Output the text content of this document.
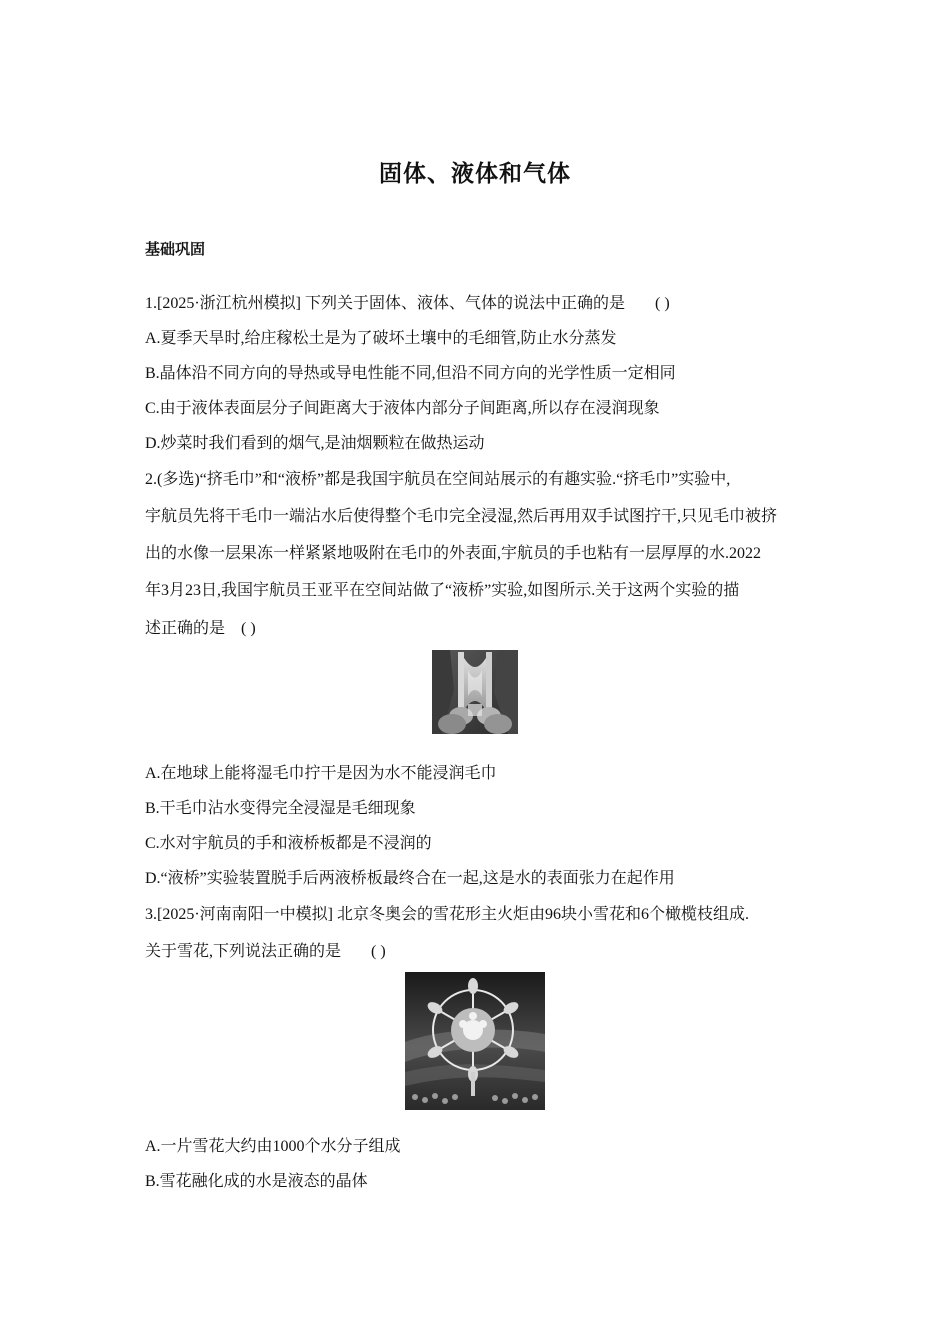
固体、液体和气体
基础巩固
1.[2025·浙江杭州模拟] 下列关于固体、液体、气体的说法中正确的是 ( )
A.夏季天旱时,给庄稼松土是为了破坏土壤中的毛细管,防止水分蒸发
B.晶体沿不同方向的导热或导电性能不同,但沿不同方向的光学性质一定相同
C.由于液体表面层分子间距离大于液体内部分子间距离,所以存在浸润现象
D.炒菜时我们看到的烟气,是油烟颗粒在做热运动
2.(多选)“挤毛巾”和“液桥”都是我国宇航员在空间站展示的有趣实验.“挤毛巾”实验中,
宇航员先将干毛巾一端沾水后使得整个毛巾完全浸湿,然后再用双手试图拧干,只见毛巾被挤
出的水像一层果冻一样紧紧地吸附在毛巾的外表面,宇航员的手也粘有一层厚厚的水.2022
年3月23日,我国宇航员王亚平在空间站做了“液桥”实验,如图所示.关于这两个实验的描
述正确的是 ( )
A.在地球上能将湿毛巾拧干是因为水不能浸润毛巾
B.干毛巾沾水变得完全浸湿是毛细现象
C.水对宇航员的手和液桥板都是不浸润的
D.“液桥”实验装置脱手后两液桥板最终合在一起,这是水的表面张力在起作用
3.[2025·河南南阳一中模拟] 北京冬奥会的雪花形主火炬由96块小雪花和6个橄榄枝组成.
关于雪花,下列说法正确的是 ( )
A.一片雪花大约由1000个水分子组成
B.雪花融化成的水是液态的晶体
